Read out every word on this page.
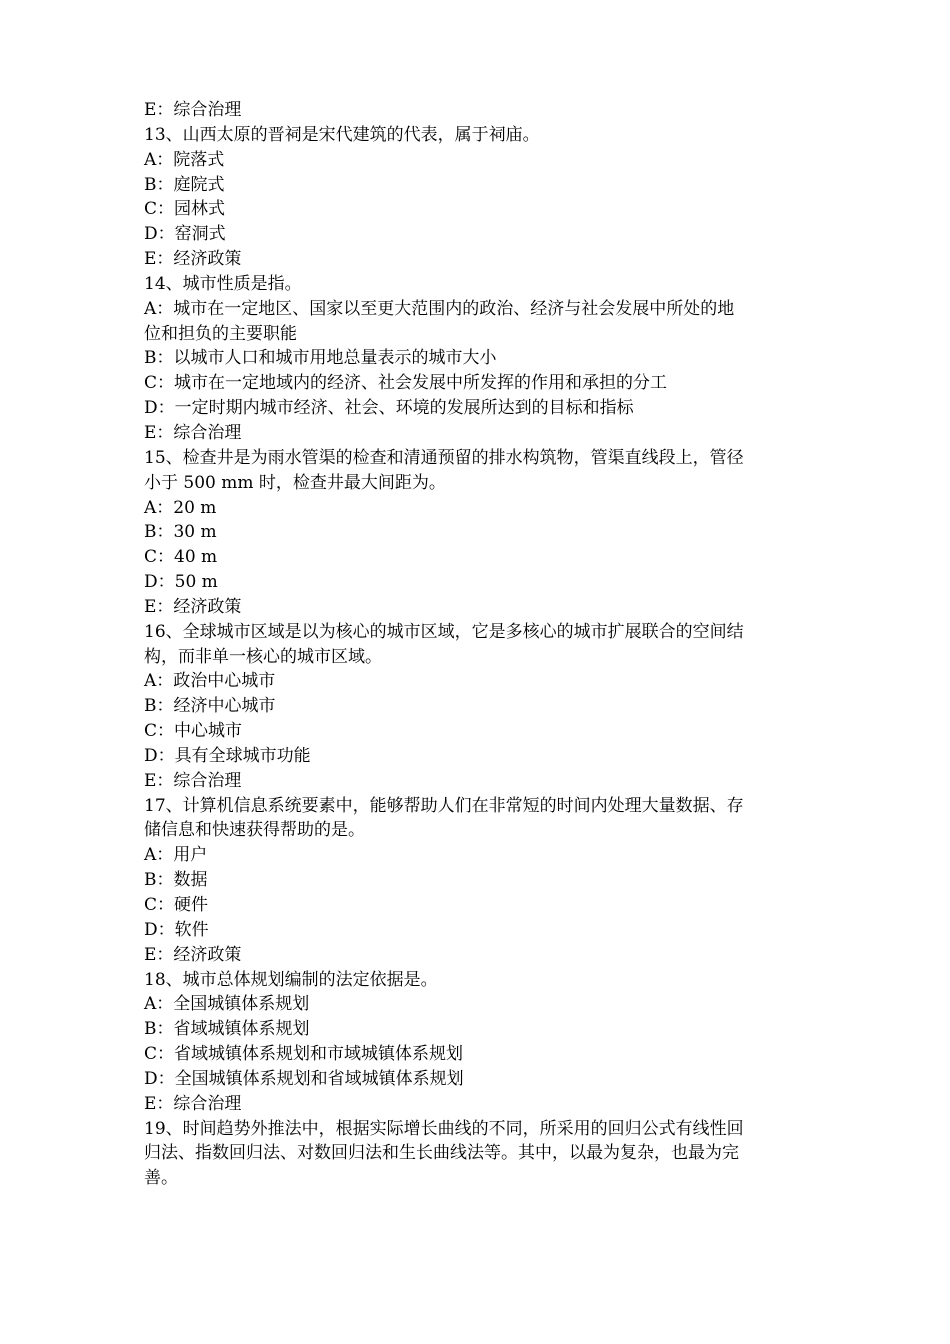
E：综合治理

13、山西太原的晋祠是宋代建筑的代表，属于祠庙。

A：院落式

B：庭院式

C：园林式

D：窑洞式

E：经济政策

14、城市性质是指。

A：城市在一定地区、国家以至更大范围内的政治、经济与社会发展中所处的地

位和担负的主要职能

B：以城市人口和城市用地总量表示的城市大小

C：城市在一定地域内的经济、社会发展中所发挥的作用和承担的分工

D：一定时期内城市经济、社会、环境的发展所达到的目标和指标

E：综合治理

15、检查井是为雨水管渠的检查和清通预留的排水构筑物，管渠直线段上，管径

小于 500 mm 时，检查井最大间距为。

A：20 m

B：30 m

C：40 m

D：50 m

E：经济政策

16、全球城市区域是以为核心的城市区域，它是多核心的城市扩展联合的空间结

构，而非单一核心的城市区域。

A：政治中心城市

B：经济中心城市

C：中心城市

D：具有全球城市功能

E：综合治理

17、计算机信息系统要素中，能够帮助人们在非常短的时间内处理大量数据、存

储信息和快速获得帮助的是。

A：用户

B：数据

C：硬件

D：软件

E：经济政策

18、城市总体规划编制的法定依据是。

A：全国城镇体系规划

B：省域城镇体系规划

C：省域城镇体系规划和市域城镇体系规划

D：全国城镇体系规划和省域城镇体系规划

E：综合治理

19、时间趋势外推法中，根据实际增长曲线的不同，所采用的回归公式有线性回

归法、指数回归法、对数回归法和生长曲线法等。其中，以最为复杂，也最为完

善。
